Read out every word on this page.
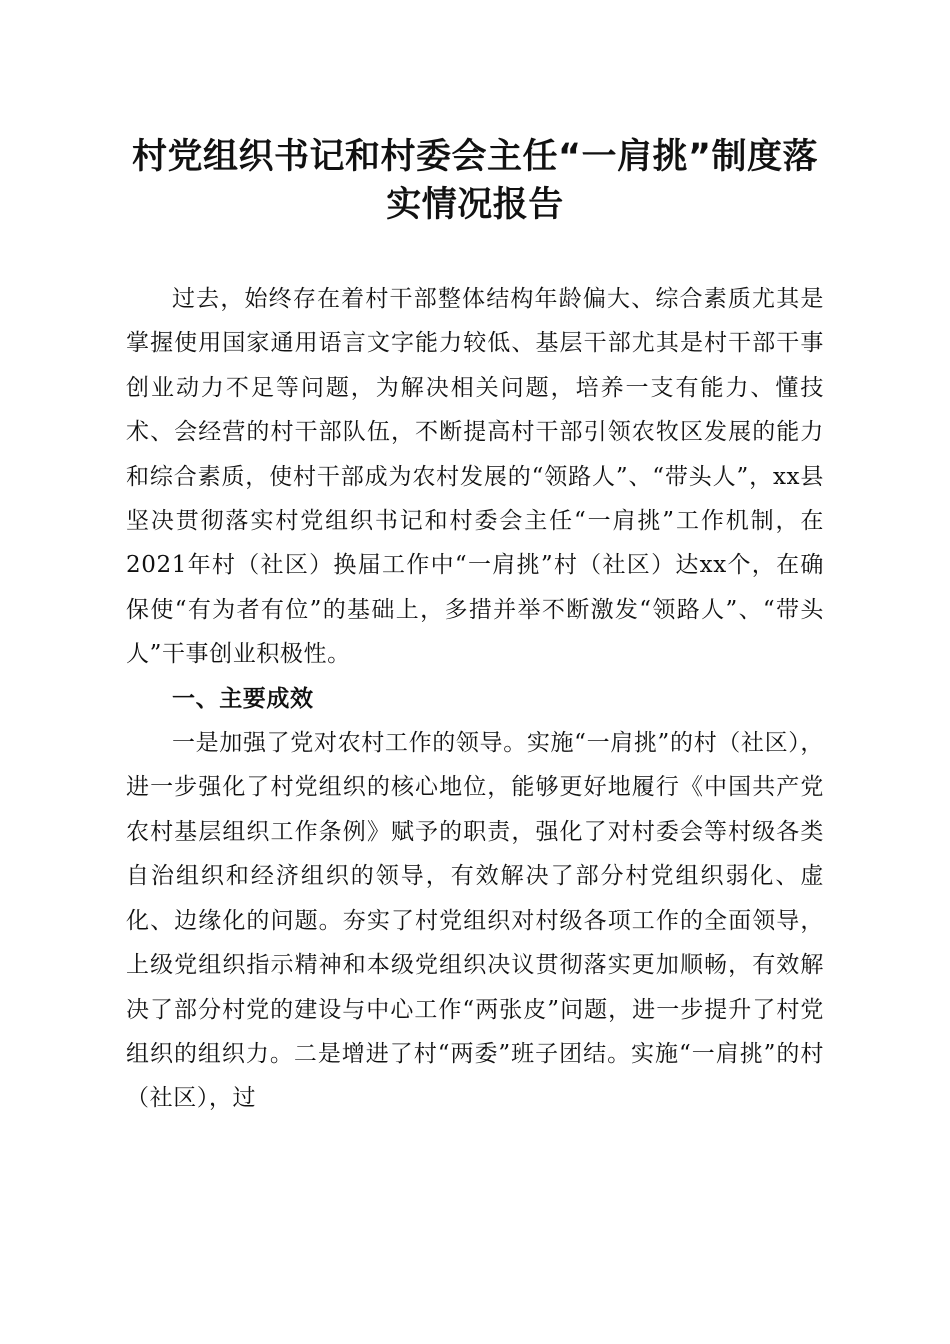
村党组织书记和村委会主任“一肩挑”制度落
实情况报告

过去，始终存在着村干部整体结构年龄偏大、综合素质尤其是掌握使用国家通用语言文字能力较低、基层干部尤其是村干部干事创业动力不足等问题，为解决相关问题，培养一支有能力、懂技术、会经营的村干部队伍，不断提高村干部引领农牧区发展的能力和综合素质，使村干部成为农村发展的“领路人”、“带头人”，xx县坚决贯彻落实村党组织书记和村委会主任“一肩挑”工作机制，在2021年村（社区）换届工作中“一肩挑”村（社区）达xx个，在确保使“有为者有位”的基础上，多措并举不断激发“领路人”、“带头人”干事创业积极性。

一、主要成效

一是加强了党对农村工作的领导。实施“一肩挑”的村（社区），进一步强化了村党组织的核心地位，能够更好地履行《中国共产党农村基层组织工作条例》赋予的职责，强化了对村委会等村级各类自治组织和经济组织的领导，有效解决了部分村党组织弱化、虚化、边缘化的问题。夯实了村党组织对村级各项工作的全面领导，上级党组织指示精神和本级党组织决议贯彻落实更加顺畅，有效解决了部分村党的建设与中心工作“两张皮”问题，进一步提升了村党组织的组织力。二是增进了村“两委”班子团结。实施“一肩挑”的村（社区），过
